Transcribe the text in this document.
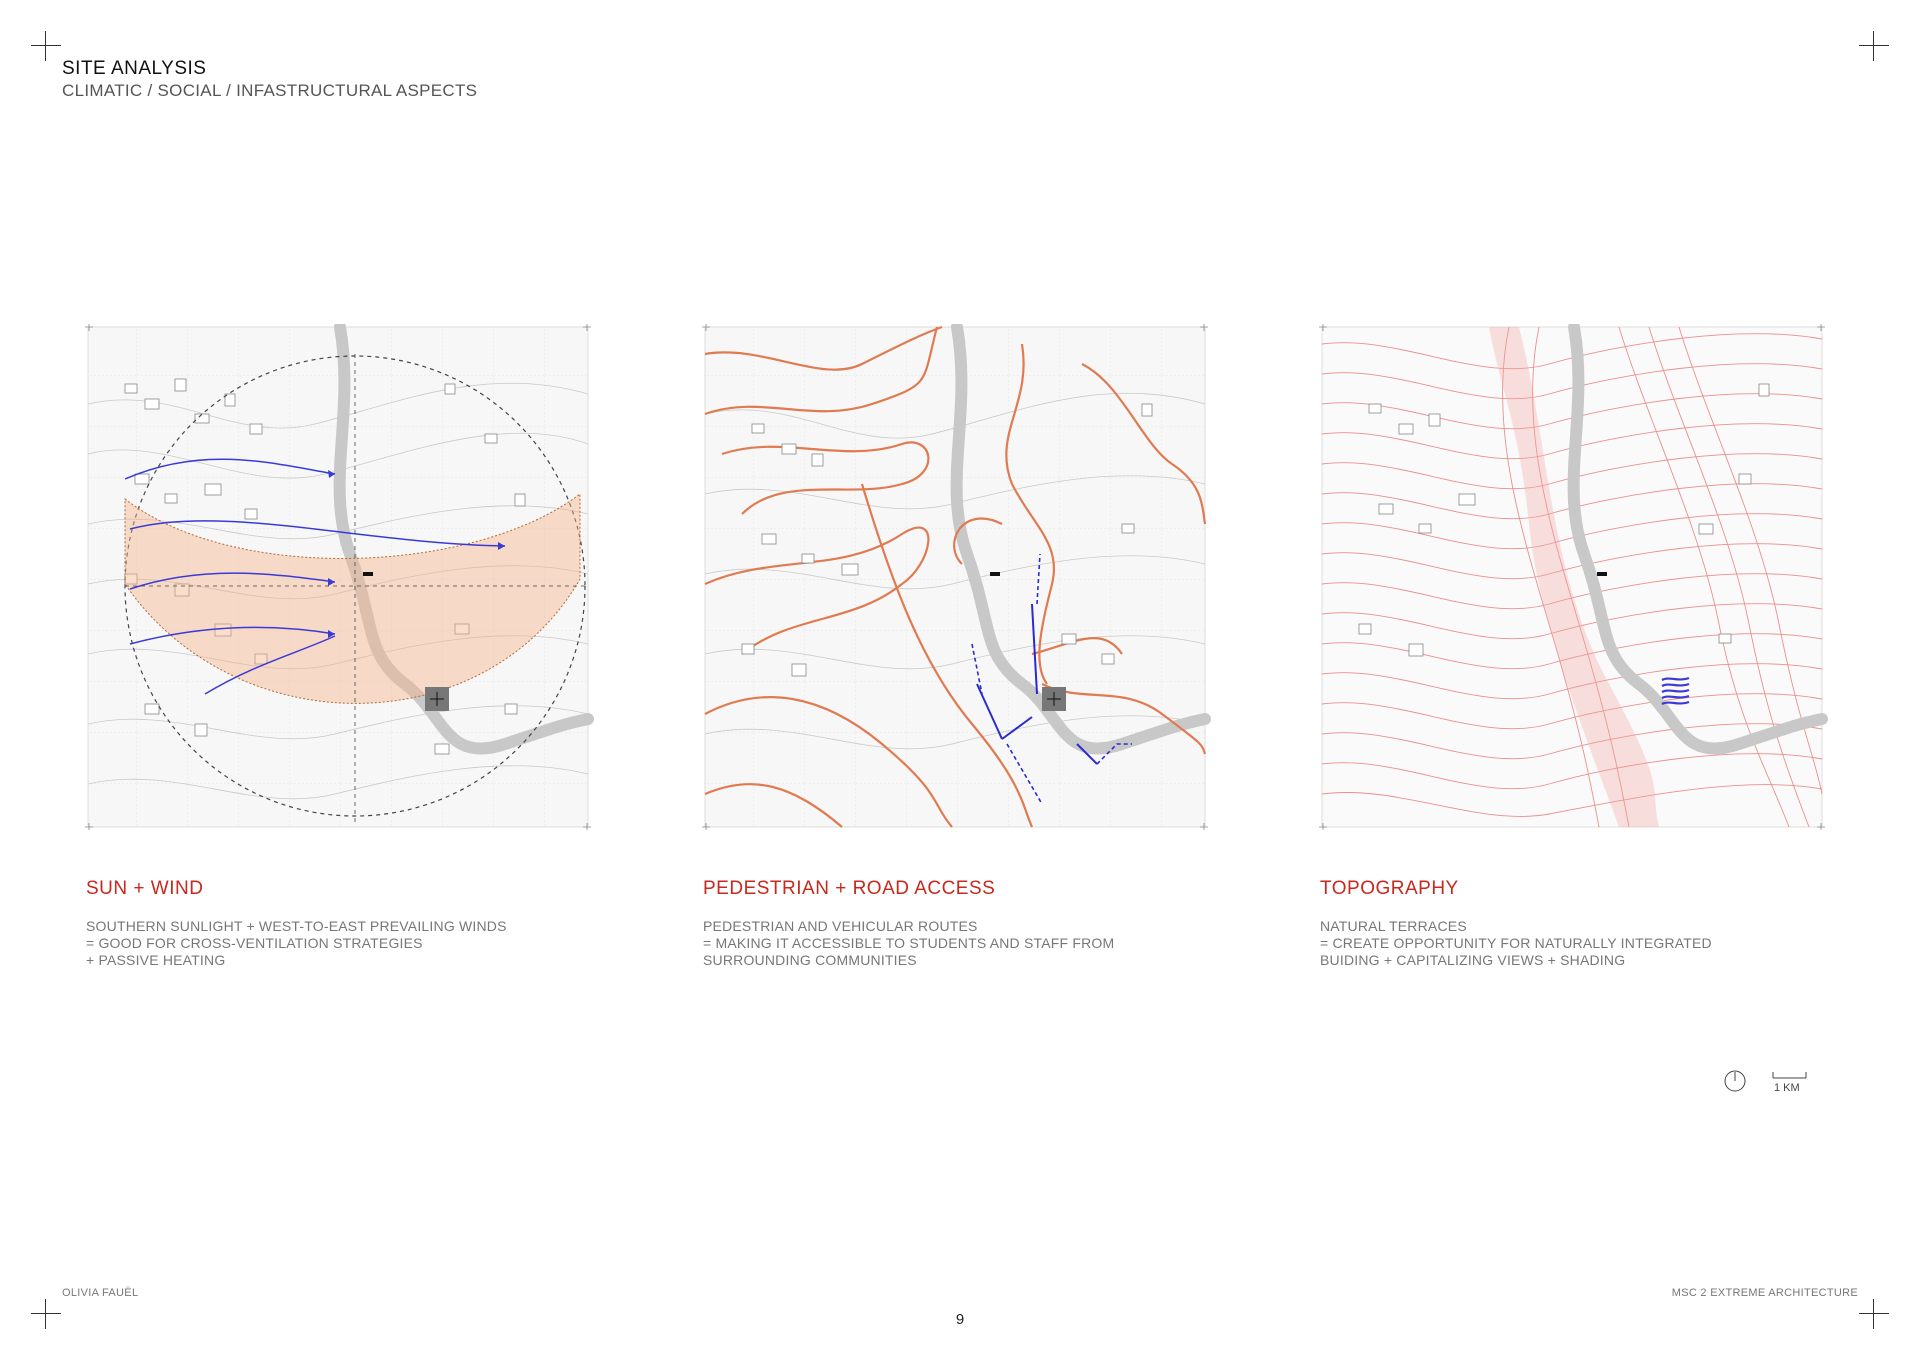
SITE ANALYSIS
CLIMATIC / SOCIAL / INFASTRUCTURAL ASPECTS
SUN + WIND
SOUTHERN SUNLIGHT + WEST-TO-EAST PREVAILING WINDS
= GOOD FOR CROSS-VENTILATION STRATEGIES
+ PASSIVE HEATING
PEDESTRIAN + ROAD ACCESS
PEDESTRIAN AND VEHICULAR ROUTES
= MAKING IT ACCESSIBLE TO STUDENTS AND STAFF FROM
SURROUNDING COMMUNITIES
TOPOGRAPHY
NATURAL TERRACES
= CREATE OPPORTUNITY FOR NATURALLY INTEGRATED
BUIDING + CAPITALIZING VIEWS + SHADING
1 KM
OLIVIA FAUËL	MSC 2 EXTREME ARCHITECTURE
9
